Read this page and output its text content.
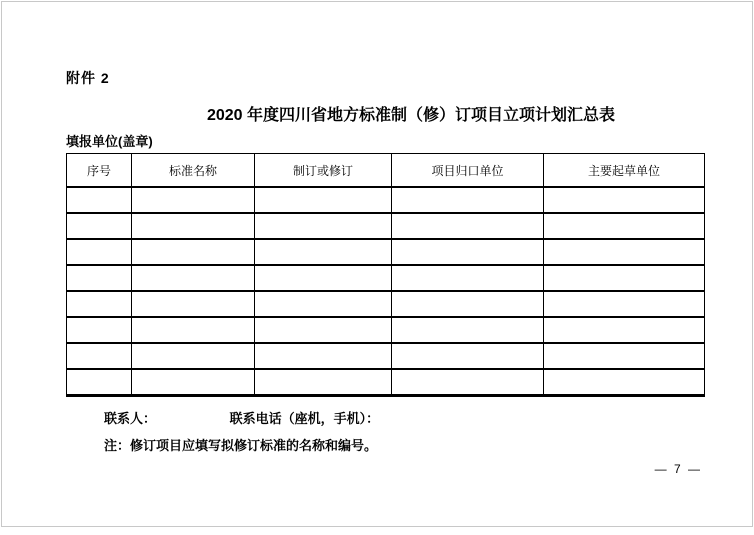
附件 2
2020 年度四川省地方标准制（修）订项目立项计划汇总表
填报单位(盖章)
序号	标准名称	制订或修订	项目归口单位	主要起草单位

联系人：	联系电话（座机，手机）：
注：修订项目应填写拟修订标准的名称和编号。
— 7 —
